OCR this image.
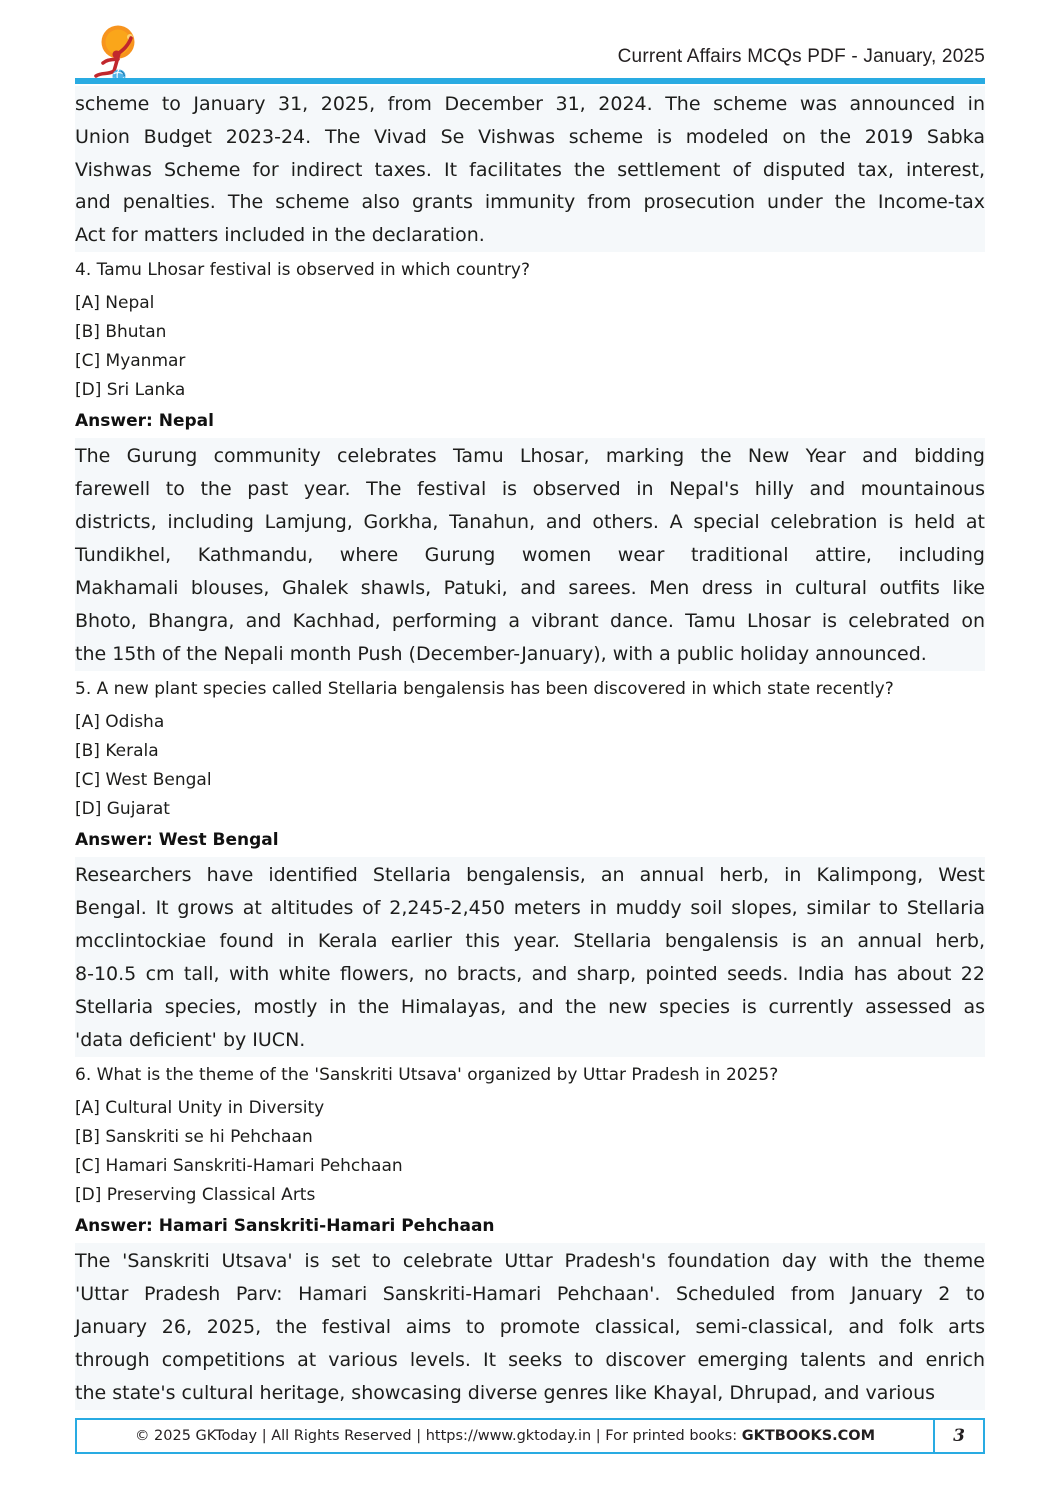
Current Affairs MCQs PDF - January, 2025
scheme to January 31, 2025, from December 31, 2024. The scheme was announced in
Union Budget 2023-24. The Vivad Se Vishwas scheme is modeled on the 2019 Sabka
Vishwas Scheme for indirect taxes. It facilitates the settlement of disputed tax, interest,
and penalties. The scheme also grants immunity from prosecution under the Income-tax
Act for matters included in the declaration.
4. Tamu Lhosar festival is observed in which country?
[A] Nepal
[B] Bhutan
[C] Myanmar
[D] Sri Lanka
Answer: Nepal
The Gurung community celebrates Tamu Lhosar, marking the New Year and bidding
farewell to the past year. The festival is observed in Nepal's hilly and mountainous
districts, including Lamjung, Gorkha, Tanahun, and others. A special celebration is held at
Tundikhel, Kathmandu, where Gurung women wear traditional attire, including
Makhamali blouses, Ghalek shawls, Patuki, and sarees. Men dress in cultural outfits like
Bhoto, Bhangra, and Kachhad, performing a vibrant dance. Tamu Lhosar is celebrated on
the 15th of the Nepali month Push (December-January), with a public holiday announced.
5. A new plant species called Stellaria bengalensis has been discovered in which state recently?
[A] Odisha
[B] Kerala
[C] West Bengal
[D] Gujarat
Answer: West Bengal
Researchers have identified Stellaria bengalensis, an annual herb, in Kalimpong, West
Bengal. It grows at altitudes of 2,245-2,450 meters in muddy soil slopes, similar to Stellaria
mcclintockiae found in Kerala earlier this year. Stellaria bengalensis is an annual herb,
8-10.5 cm tall, with white flowers, no bracts, and sharp, pointed seeds. India has about 22
Stellaria species, mostly in the Himalayas, and the new species is currently assessed as
'data deficient' by IUCN.
6. What is the theme of the 'Sanskriti Utsava' organized by Uttar Pradesh in 2025?
[A] Cultural Unity in Diversity
[B] Sanskriti se hi Pehchaan
[C] Hamari Sanskriti-Hamari Pehchaan
[D] Preserving Classical Arts
Answer: Hamari Sanskriti-Hamari Pehchaan
The 'Sanskriti Utsava' is set to celebrate Uttar Pradesh's foundation day with the theme
'Uttar Pradesh Parv: Hamari Sanskriti-Hamari Pehchaan'. Scheduled from January 2 to
January 26, 2025, the festival aims to promote classical, semi-classical, and folk arts
through competitions at various levels. It seeks to discover emerging talents and enrich
the state's cultural heritage, showcasing diverse genres like Khayal, Dhrupad, and various
© 2025 GKToday | All Rights Reserved | https://www.gktoday.in | For printed books: GKTBOOKS.COM	3
